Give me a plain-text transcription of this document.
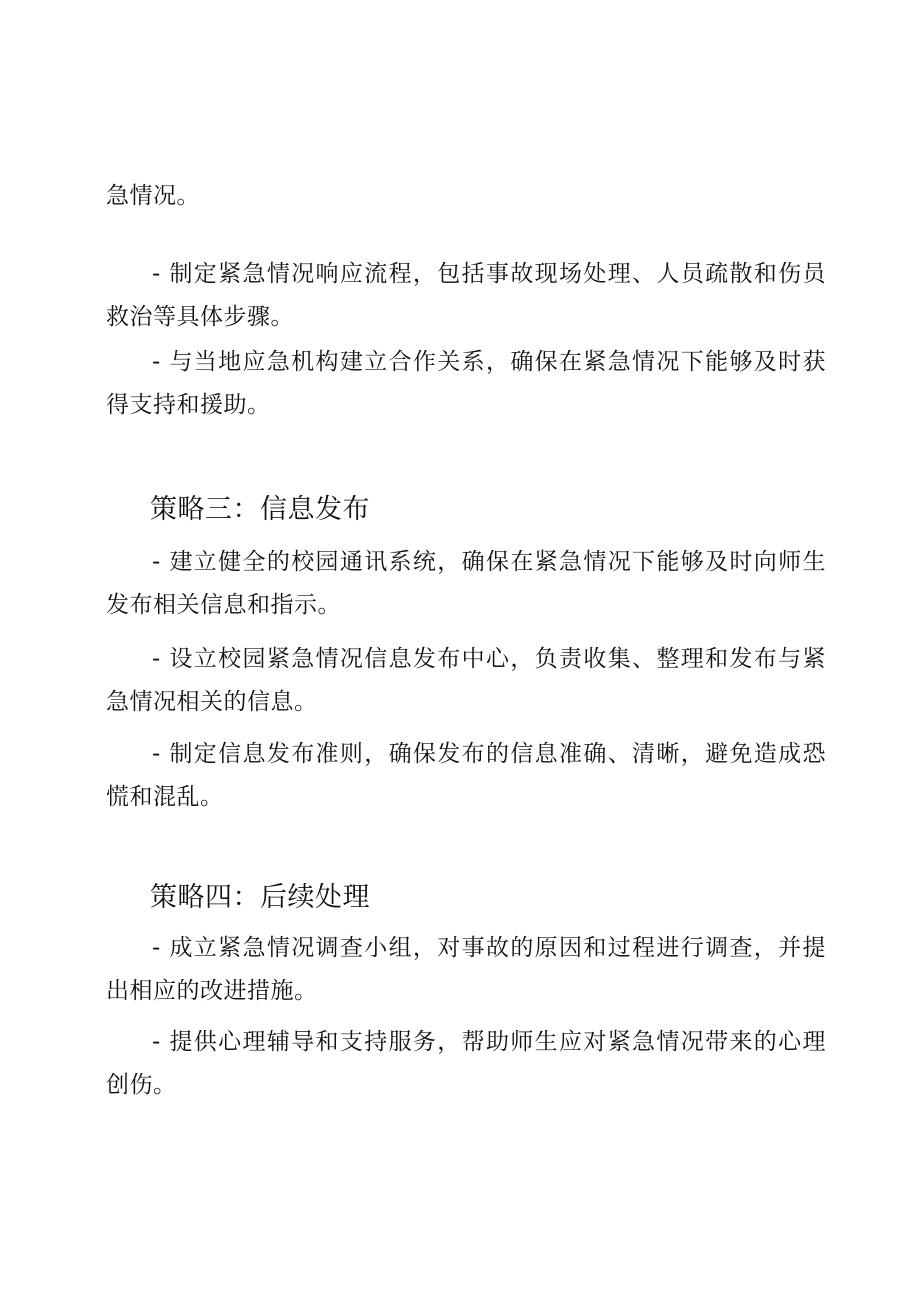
急情况。

- 制定紧急情况响应流程，包括事故现场处理、人员疏散和伤员救治等具体步骤。

- 与当地应急机构建立合作关系，确保在紧急情况下能够及时获得支持和援助。

策略三：信息发布

- 建立健全的校园通讯系统，确保在紧急情况下能够及时向师生发布相关信息和指示。

- 设立校园紧急情况信息发布中心，负责收集、整理和发布与紧急情况相关的信息。

- 制定信息发布准则，确保发布的信息准确、清晰，避免造成恐慌和混乱。

策略四：后续处理

- 成立紧急情况调查小组，对事故的原因和过程进行调查，并提出相应的改进措施。

- 提供心理辅导和支持服务，帮助师生应对紧急情况带来的心理创伤。
